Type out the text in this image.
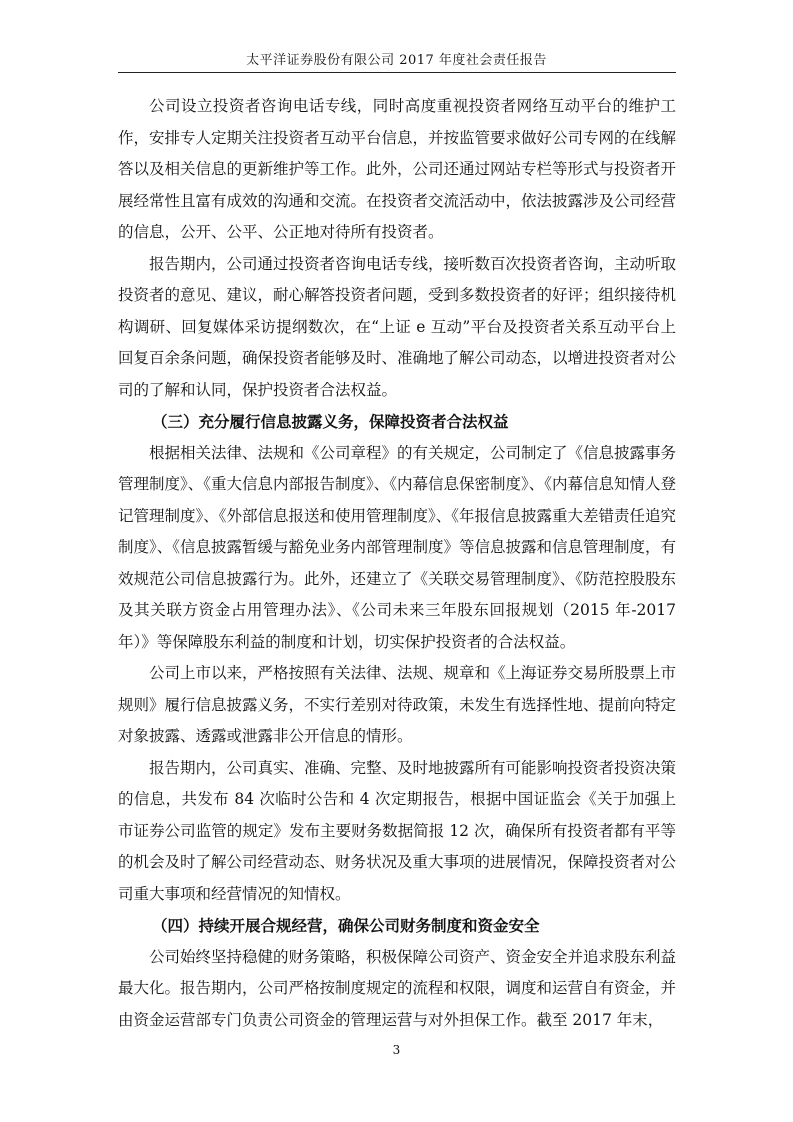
太平洋证券股份有限公司 2017 年度社会责任报告

公司设立投资者咨询电话专线，同时高度重视投资者网络互动平台的维护工作，安排专人定期关注投资者互动平台信息，并按监管要求做好公司专网的在线解答以及相关信息的更新维护等工作。此外，公司还通过网站专栏等形式与投资者开展经常性且富有成效的沟通和交流。在投资者交流活动中，依法披露涉及公司经营的信息，公开、公平、公正地对待所有投资者。

报告期内，公司通过投资者咨询电话专线，接听数百次投资者咨询，主动听取投资者的意见、建议，耐心解答投资者问题，受到多数投资者的好评；组织接待机构调研、回复媒体采访提纲数次，在“上证 e 互动”平台及投资者关系互动平台上回复百余条问题，确保投资者能够及时、准确地了解公司动态，以增进投资者对公司的了解和认同，保护投资者合法权益。

（三）充分履行信息披露义务，保障投资者合法权益

根据相关法律、法规和《公司章程》的有关规定，公司制定了《信息披露事务管理制度》、《重大信息内部报告制度》、《内幕信息保密制度》、《内幕信息知情人登记管理制度》、《外部信息报送和使用管理制度》、《年报信息披露重大差错责任追究制度》、《信息披露暂缓与豁免业务内部管理制度》等信息披露和信息管理制度，有效规范公司信息披露行为。此外，还建立了《关联交易管理制度》、《防范控股股东及其关联方资金占用管理办法》、《公司未来三年股东回报规划（2015 年-2017 年）》等保障股东利益的制度和计划，切实保护投资者的合法权益。

公司上市以来，严格按照有关法律、法规、规章和《上海证券交易所股票上市规则》履行信息披露义务，不实行差别对待政策，未发生有选择性地、提前向特定对象披露、透露或泄露非公开信息的情形。

报告期内，公司真实、准确、完整、及时地披露所有可能影响投资者投资决策的信息，共发布 84 次临时公告和 4 次定期报告，根据中国证监会《关于加强上市证券公司监管的规定》发布主要财务数据简报 12 次，确保所有投资者都有平等的机会及时了解公司经营动态、财务状况及重大事项的进展情况，保障投资者对公司重大事项和经营情况的知情权。

（四）持续开展合规经营，确保公司财务制度和资金安全

公司始终坚持稳健的财务策略，积极保障公司资产、资金安全并追求股东利益最大化。报告期内，公司严格按制度规定的流程和权限，调度和运营自有资金，并由资金运营部专门负责公司资金的管理运营与对外担保工作。截至 2017 年末，

3
